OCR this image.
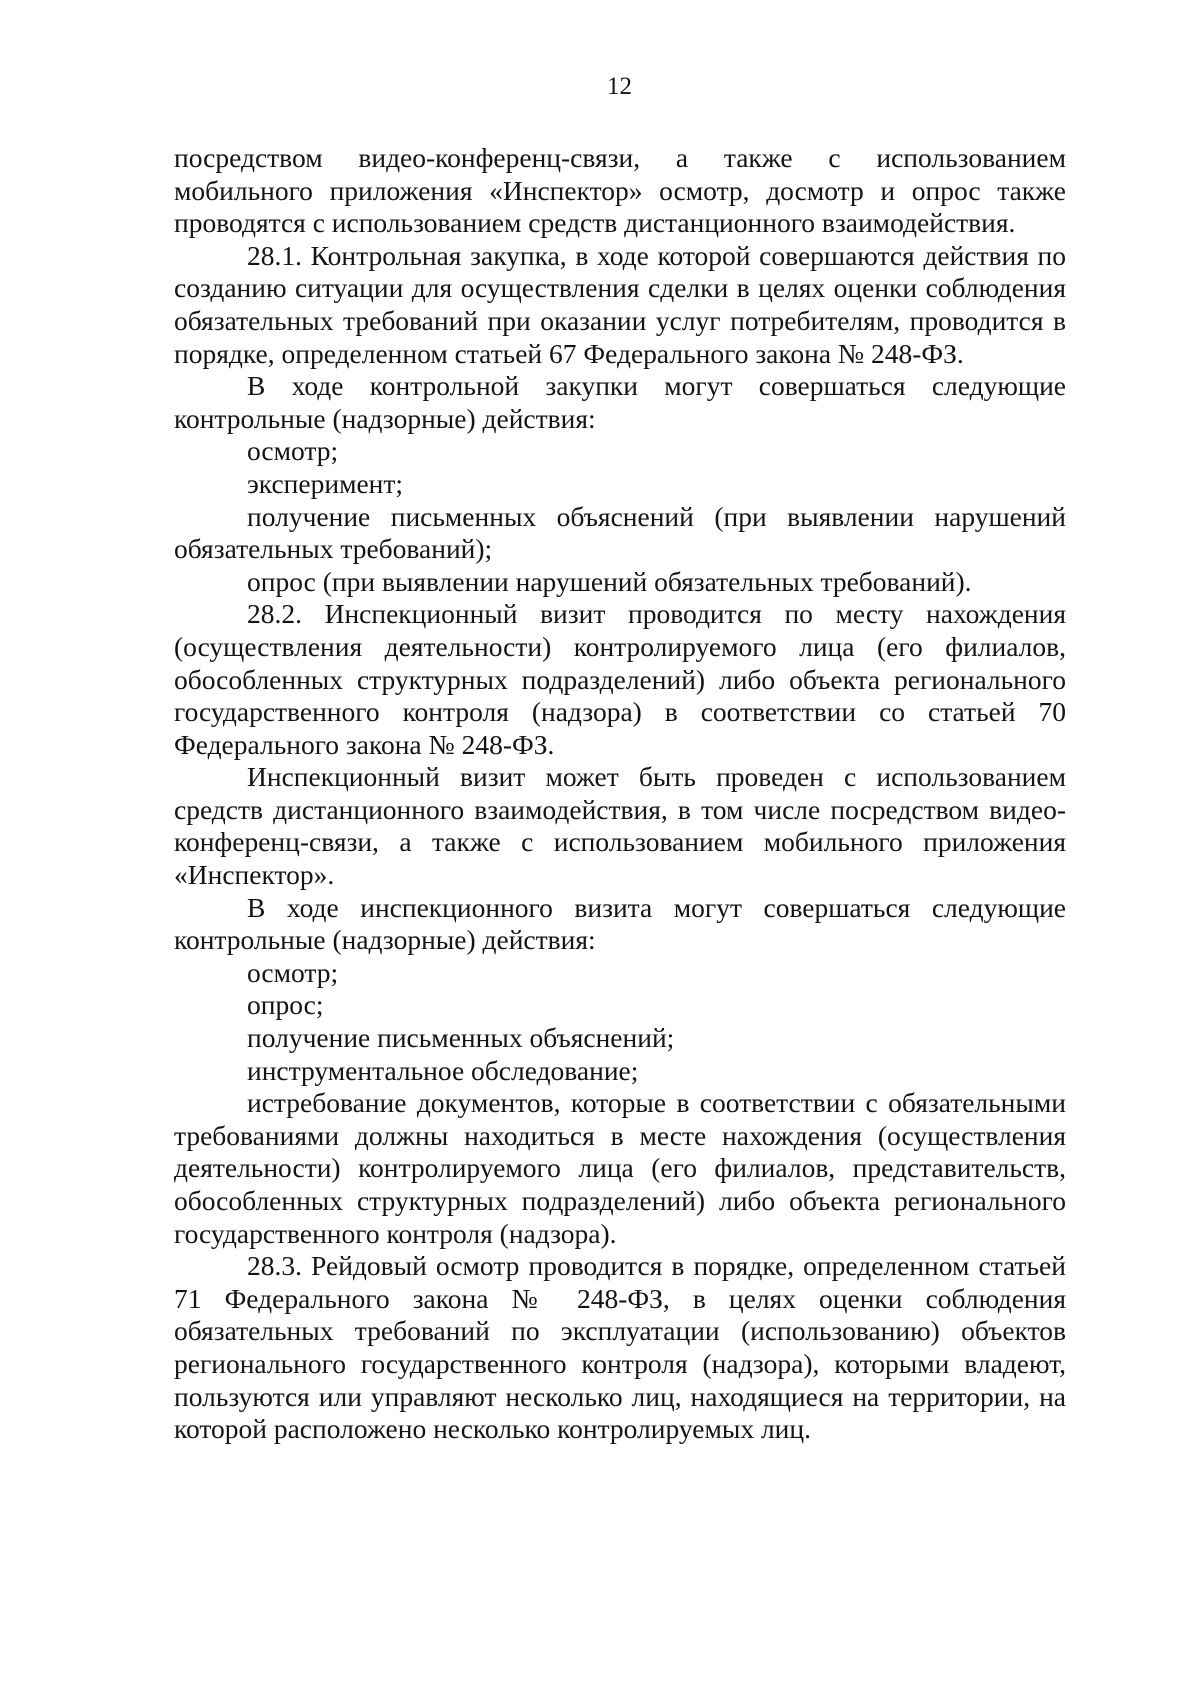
12

посредством видео-конференц-связи, а также с использованием мобильного приложения «Инспектор» осмотр, досмотр и опрос также проводятся с использованием средств дистанционного взаимодействия.

28.1. Контрольная закупка, в ходе которой совершаются действия по созданию ситуации для осуществления сделки в целях оценки соблюдения обязательных требований при оказании услуг потребителям, проводится в порядке, определенном статьей 67 Федерального закона № 248-ФЗ.

В ходе контрольной закупки могут совершаться следующие контрольные (надзорные) действия:

осмотр;

эксперимент;

получение письменных объяснений (при выявлении нарушений обязательных требований);

опрос (при выявлении нарушений обязательных требований).

28.2. Инспекционный визит проводится по месту нахождения (осуществления деятельности) контролируемого лица (его филиалов, обособленных структурных подразделений) либо объекта регионального государственного контроля (надзора) в соответствии со статьей 70 Федерального закона № 248-ФЗ.

Инспекционный визит может быть проведен с использованием средств дистанционного взаимодействия, в том числе посредством видео-конференц-связи, а также с использованием мобильного приложения «Инспектор».

В ходе инспекционного визита могут совершаться следующие контрольные (надзорные) действия:

осмотр;

опрос;

получение письменных объяснений;

инструментальное обследование;

истребование документов, которые в соответствии с обязательными требованиями должны находиться в месте нахождения (осуществления деятельности) контролируемого лица (его филиалов, представительств, обособленных структурных подразделений) либо объекта регионального государственного контроля (надзора).

28.3. Рейдовый осмотр проводится в порядке, определенном статьей 71 Федерального закона № 248-ФЗ, в целях оценки соблюдения обязательных требований по эксплуатации (использованию) объектов регионального государственного контроля (надзора), которыми владеют, пользуются или управляют несколько лиц, находящиеся на территории, на которой расположено несколько контролируемых лиц.
